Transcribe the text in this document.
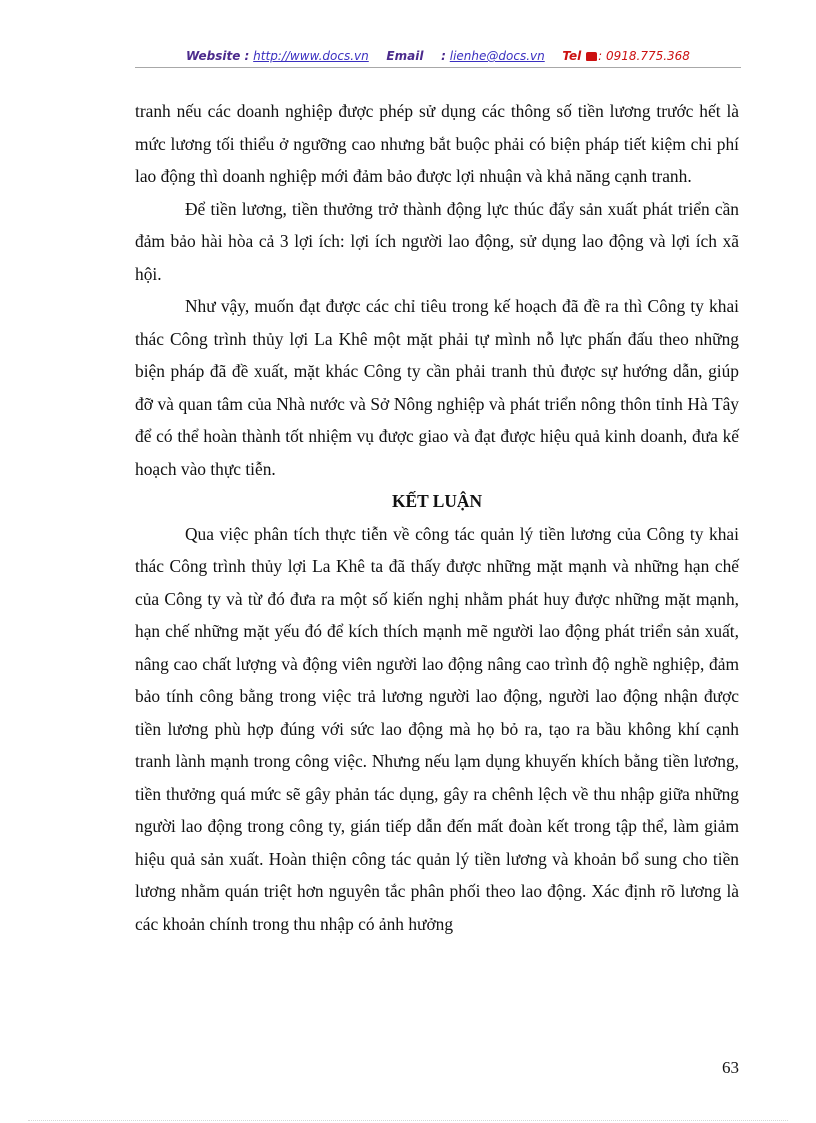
Website : http://www.docs.vn Email : lienhe@docs.vn Tel : 0918.775.368

tranh nếu các doanh nghiệp được phép sử dụng các thông số tiền lương trước hết là mức lương tối thiểu ở ngưỡng cao nhưng bắt buộc phải có biện pháp tiết kiệm chi phí lao động thì doanh nghiệp mới đảm bảo được lợi nhuận và khả năng cạnh tranh.

Để tiền lương, tiền thưởng trở thành động lực thúc đẩy sản xuất phát triển cần đảm bảo hài hòa cả 3 lợi ích: lợi ích người lao động, sử dụng lao động và lợi ích xã hội.

Như vậy, muốn đạt được các chỉ tiêu trong kế hoạch đã đề ra thì Công ty khai thác Công trình thủy lợi La Khê một mặt phải tự mình nỗ lực phấn đấu theo những biện pháp đã đề xuất, mặt khác Công ty cần phải tranh thủ được sự hướng dẫn, giúp đỡ và quan tâm của Nhà nước và Sở Nông nghiệp và phát triển nông thôn tỉnh Hà Tây để có thể hoàn thành tốt nhiệm vụ được giao và đạt được hiệu quả kinh doanh, đưa kế hoạch vào thực tiễn.

KẾT LUẬN

Qua việc phân tích thực tiễn về công tác quản lý tiền lương của Công ty khai thác Công trình thủy lợi La Khê ta đã thấy được những mặt mạnh và những hạn chế của Công ty và từ đó đưa ra một số kiến nghị nhằm phát huy được những mặt mạnh, hạn chế những mặt yếu đó để kích thích mạnh mẽ người lao động phát triển sản xuất, nâng cao chất lượng và động viên người lao động nâng cao trình độ nghề nghiệp, đảm bảo tính công bằng trong việc trả lương người lao động, người lao động nhận được tiền lương phù hợp đúng với sức lao động mà họ bỏ ra, tạo ra bầu không khí cạnh tranh lành mạnh trong công việc. Nhưng nếu lạm dụng khuyến khích bằng tiền lương, tiền thưởng quá mức sẽ gây phản tác dụng, gây ra chênh lệch về thu nhập giữa những người lao động trong công ty, gián tiếp dẫn đến mất đoàn kết trong tập thể, làm giảm hiệu quả sản xuất. Hoàn thiện công tác quản lý tiền lương và khoản bổ sung cho tiền lương nhằm quán triệt hơn nguyên tắc phân phối theo lao động. Xác định rõ lương là các khoản chính trong thu nhập có ảnh hưởng

63
